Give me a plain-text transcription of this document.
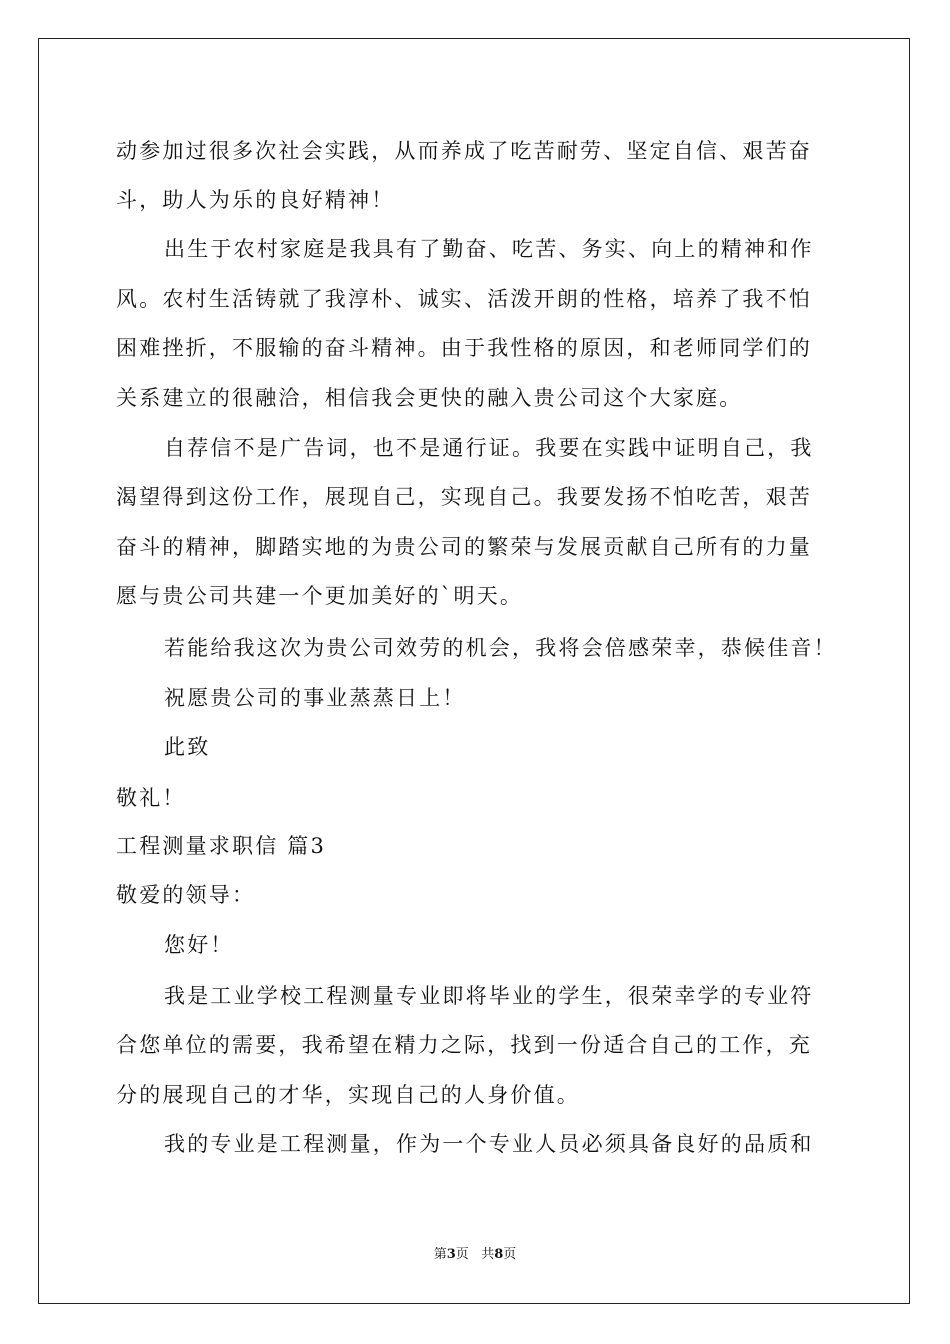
动参加过很多次社会实践，从而养成了吃苦耐劳、坚定自信、艰苦奋
斗，助人为乐的良好精神！
出生于农村家庭是我具有了勤奋、吃苦、务实、向上的精神和作
风。农村生活铸就了我淳朴、诚实、活泼开朗的性格，培养了我不怕
困难挫折，不服输的奋斗精神。由于我性格的原因，和老师同学们的
关系建立的很融洽，相信我会更快的融入贵公司这个大家庭。
自荐信不是广告词，也不是通行证。我要在实践中证明自己，我
渴望得到这份工作，展现自己，实现自己。我要发扬不怕吃苦，艰苦
奋斗的精神，脚踏实地的为贵公司的繁荣与发展贡献自己所有的力量
愿与贵公司共建一个更加美好的`明天。
若能给我这次为贵公司效劳的机会，我将会倍感荣幸，恭候佳音！
祝愿贵公司的事业蒸蒸日上！
此致
敬礼！
工程测量求职信 篇3
敬爱的领导：
您好！
我是工业学校工程测量专业即将毕业的学生，很荣幸学的专业符
合您单位的需要，我希望在精力之际，找到一份适合自己的工作，充
分的展现自己的才华，实现自己的人身价值。
我的专业是工程测量，作为一个专业人员必须具备良好的品质和
第3页   共8页
